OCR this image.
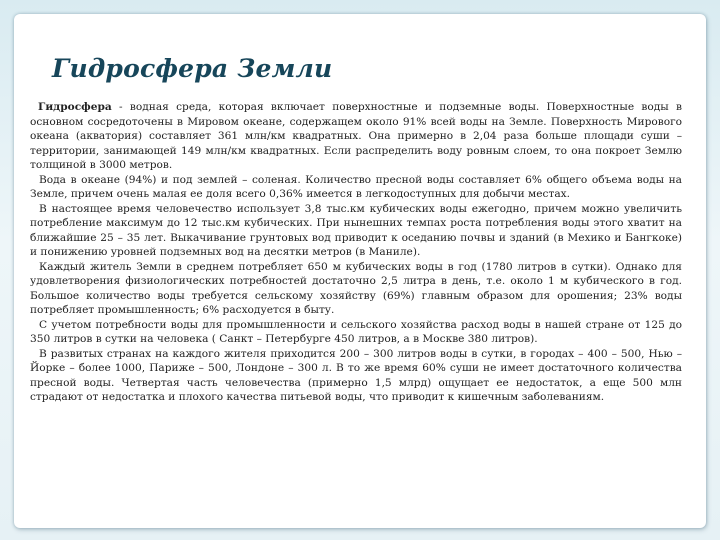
Гидросфера Земли

Гидросфера - водная среда, которая включает поверхностные и подземные воды. Поверхностные воды в основном сосредоточены в Мировом океане, содержащем около 91% всей воды на Земле. Поверхность Мирового океана (акватория) составляет 361 млн/км квадратных. Она примерно в 2,04 раза больше площади суши – территории, занимающей 149 млн/км квадратных. Если распределить воду ровным слоем, то она покроет Землю толщиной в 3000 метров.

Вода в океане (94%) и под землей – соленая. Количество пресной воды составляет 6% общего объема воды на Земле, причем очень малая ее доля всего 0,36% имеется в легкодоступных для добычи местах.

В настоящее время человечество использует 3,8 тыс.км кубических воды ежегодно, причем можно увеличить потребление максимум до 12 тыс.км кубических. При нынешних темпах роста потребления воды этого хватит на ближайшие 25 – 35 лет. Выкачивание грунтовых вод приводит к оседанию почвы и зданий (в Мехико и Бангкоке) и понижению уровней подземных вод на десятки метров (в Маниле).

Каждый житель Земли в среднем потребляет 650 м кубических воды в год (1780 литров в сутки). Однако для удовлетворения физиологических потребностей достаточно 2,5 литра в день, т.е. около 1 м кубического в год. Большое количество воды требуется сельскому хозяйству (69%) главным образом для орошения; 23% воды потребляет промышленность; 6% расходуется в быту.

С учетом потребности воды для промышленности и сельского хозяйства расход воды в нашей стране от 125 до 350 литров в сутки на человека ( Санкт – Петербурге 450 литров, а в Москве 380 литров).

В развитых странах на каждого жителя приходится 200 – 300 литров воды в сутки, в городах – 400 – 500, Нью – Йорке – более 1000, Париже – 500, Лондоне – 300 л. В то же время 60% суши не имеет достаточного количества пресной воды. Четвертая часть человечества (примерно 1,5 млрд) ощущает ее недостаток, а еще 500 млн страдают от недостатка и плохого качества питьевой воды, что приводит к кишечным заболеваниям.
